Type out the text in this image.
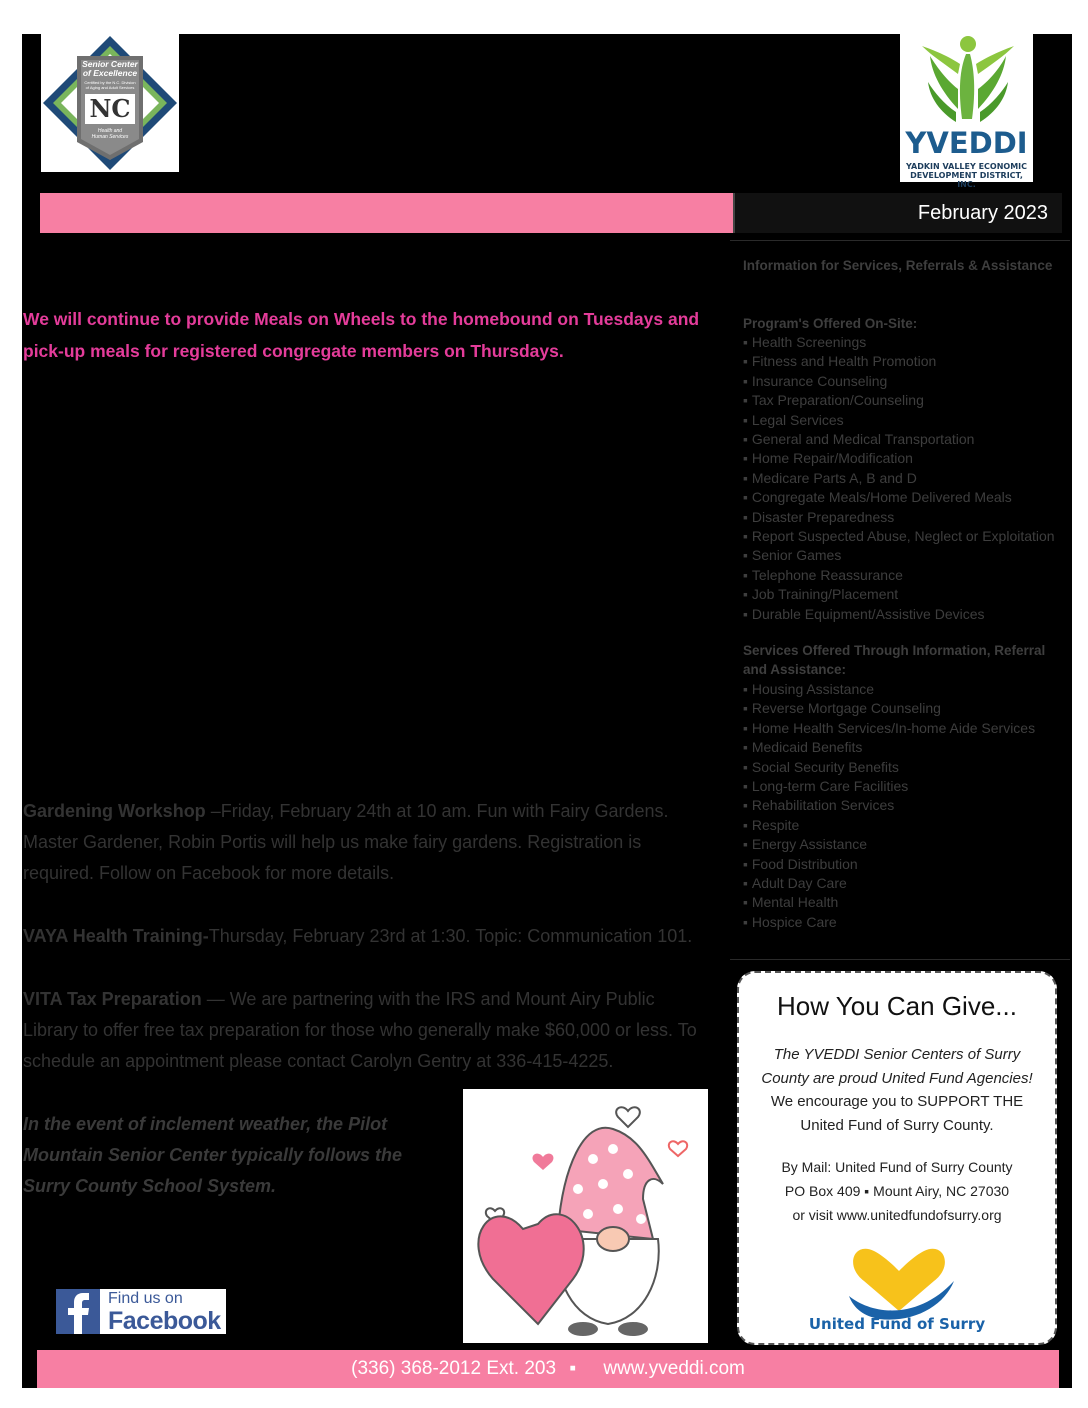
NC
Senior Center
of Excellence
Certified by the N.C. Division
of Aging and Adult Services
Health and
Human Services	YVEDDI
YADKIN VALLEY ECONOMIC DEVELOPMENT DISTRICT, INC.
February 2023
Information for Services, Referrals & Assistance
Program's Offered On-Site:
▪ Health Screenings
▪ Fitness and Health Promotion
▪ Insurance Counseling
▪ Tax Preparation/Counseling
▪ Legal Services
▪ General and Medical Transportation
▪ Home Repair/Modification
▪ Medicare Parts A, B and D
▪ Congregate Meals/Home Delivered Meals
▪ Disaster Preparedness
▪ Report Suspected Abuse, Neglect or Exploitation
▪ Senior Games
▪ Telephone Reassurance
▪ Job Training/Placement
▪ Durable Equipment/Assistive Devices
Services Offered Through Information, Referral and Assistance:
▪ Housing Assistance
▪ Reverse Mortgage Counseling
▪ Home Health Services/In-home Aide Services
▪ Medicaid Benefits
▪ Social Security Benefits
▪ Long-term Care Facilities
▪ Rehabilitation Services
▪ Respite
▪ Energy Assistance
▪ Food Distribution
▪ Adult Day Care
▪ Mental Health
▪ Hospice Care
We will continue to provide Meals on Wheels to the homebound on Tuesdays and pick-up meals for registered congregate members on Thursdays.
Gardening Workshop –Friday, February 24th at 10 am. Fun with Fairy Gardens. Master Gardener, Robin Portis will help us make fairy gardens. Registration is required. Follow on Facebook for more details.
VAYA Health Training-Thursday, February 23rd at 1:30. Topic: Communication 101.
VITA Tax Preparation — We are partnering with the IRS and Mount Airy Public Library to offer free tax preparation for those who generally make $60,000 or less. To schedule an appointment please contact Carolyn Gentry at 336-415-4225.
In the event of inclement weather, the Pilot Mountain Senior Center typically follows the Surry County School System.
Find us on
Facebook
How You Can Give...
The YVEDDI Senior Centers of Surry
County are proud United Fund Agencies!
We encourage you to SUPPORT THE
United Fund of Surry County.
By Mail: United Fund of Surry County
PO Box 409 ▪ Mount Airy, NC 27030
or visit www.unitedfundofsurry.org
United Fund of Surry
(336) 368-2012 Ext. 203 ▪ www.yveddi.com
